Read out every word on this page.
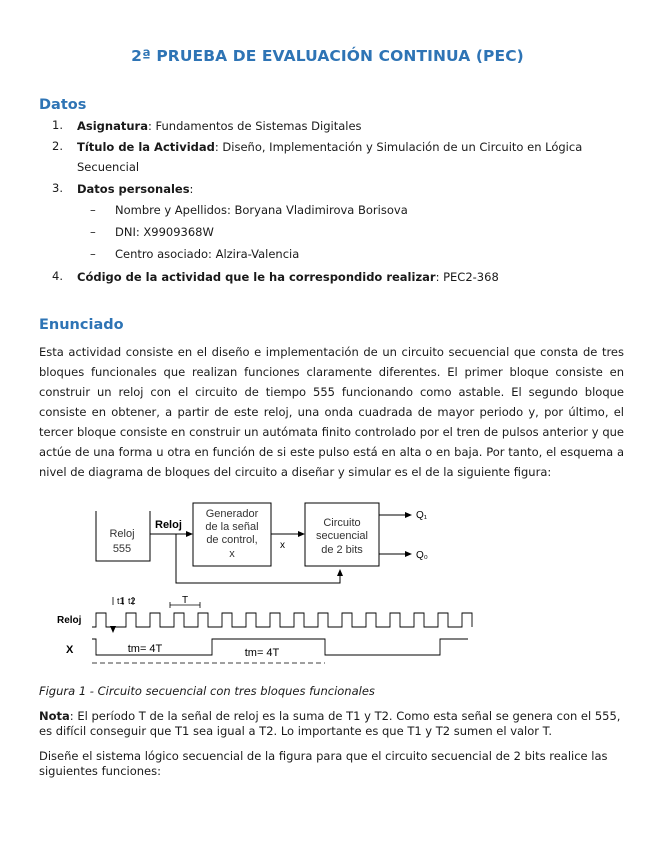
2ª PRUEBA DE EVALUACIÓN CONTINUA (PEC)
Datos
1. Asignatura: Fundamentos de Sistemas Digitales
2. Título de la Actividad: Diseño, Implementación y Simulación de un Circuito en Lógica Secuencial
3. Datos personales:
– Nombre y Apellidos: Boryana Vladimirova Borisova
– DNI: X9909368W
– Centro asociado: Alzira-Valencia
4. Código de la actividad que le ha correspondido realizar: PEC2-368
Enunciado
Esta actividad consiste en el diseño e implementación de un circuito secuencial que consta de tres bloques funcionales que realizan funciones claramente diferentes. El primer bloque consiste en construir un reloj con el circuito de tiempo 555 funcionando como astable. El segundo bloque consiste en obtener, a partir de este reloj, una onda cuadrada de mayor periodo y, por último, el tercer bloque consiste en construir un autómata finito controlado por el tren de pulsos anterior y que actúe de una forma u otra en función de si este pulso está en alta o en baja. Por tanto, el esquema a nivel de diagrama de bloques del circuito a diseñar y simular es el de la siguiente figura:
Reloj
555
Generador
de la señal
de control,
x
Circuito
secuencial
de 2 bits
Reloj
x
Q₁
Q₀
t1 t2	T
Reloj
X	tm= 4T	tm= 4T
Figura 1 - Circuito secuencial con tres bloques funcionales
Nota: El período T de la señal de reloj es la suma de T1 y T2. Como esta señal se genera con el 555, es difícil conseguir que T1 sea igual a T2. Lo importante es que T1 y T2 sumen el valor T.
Diseñe el sistema lógico secuencial de la figura para que el circuito secuencial de 2 bits realice las siguientes funciones:
